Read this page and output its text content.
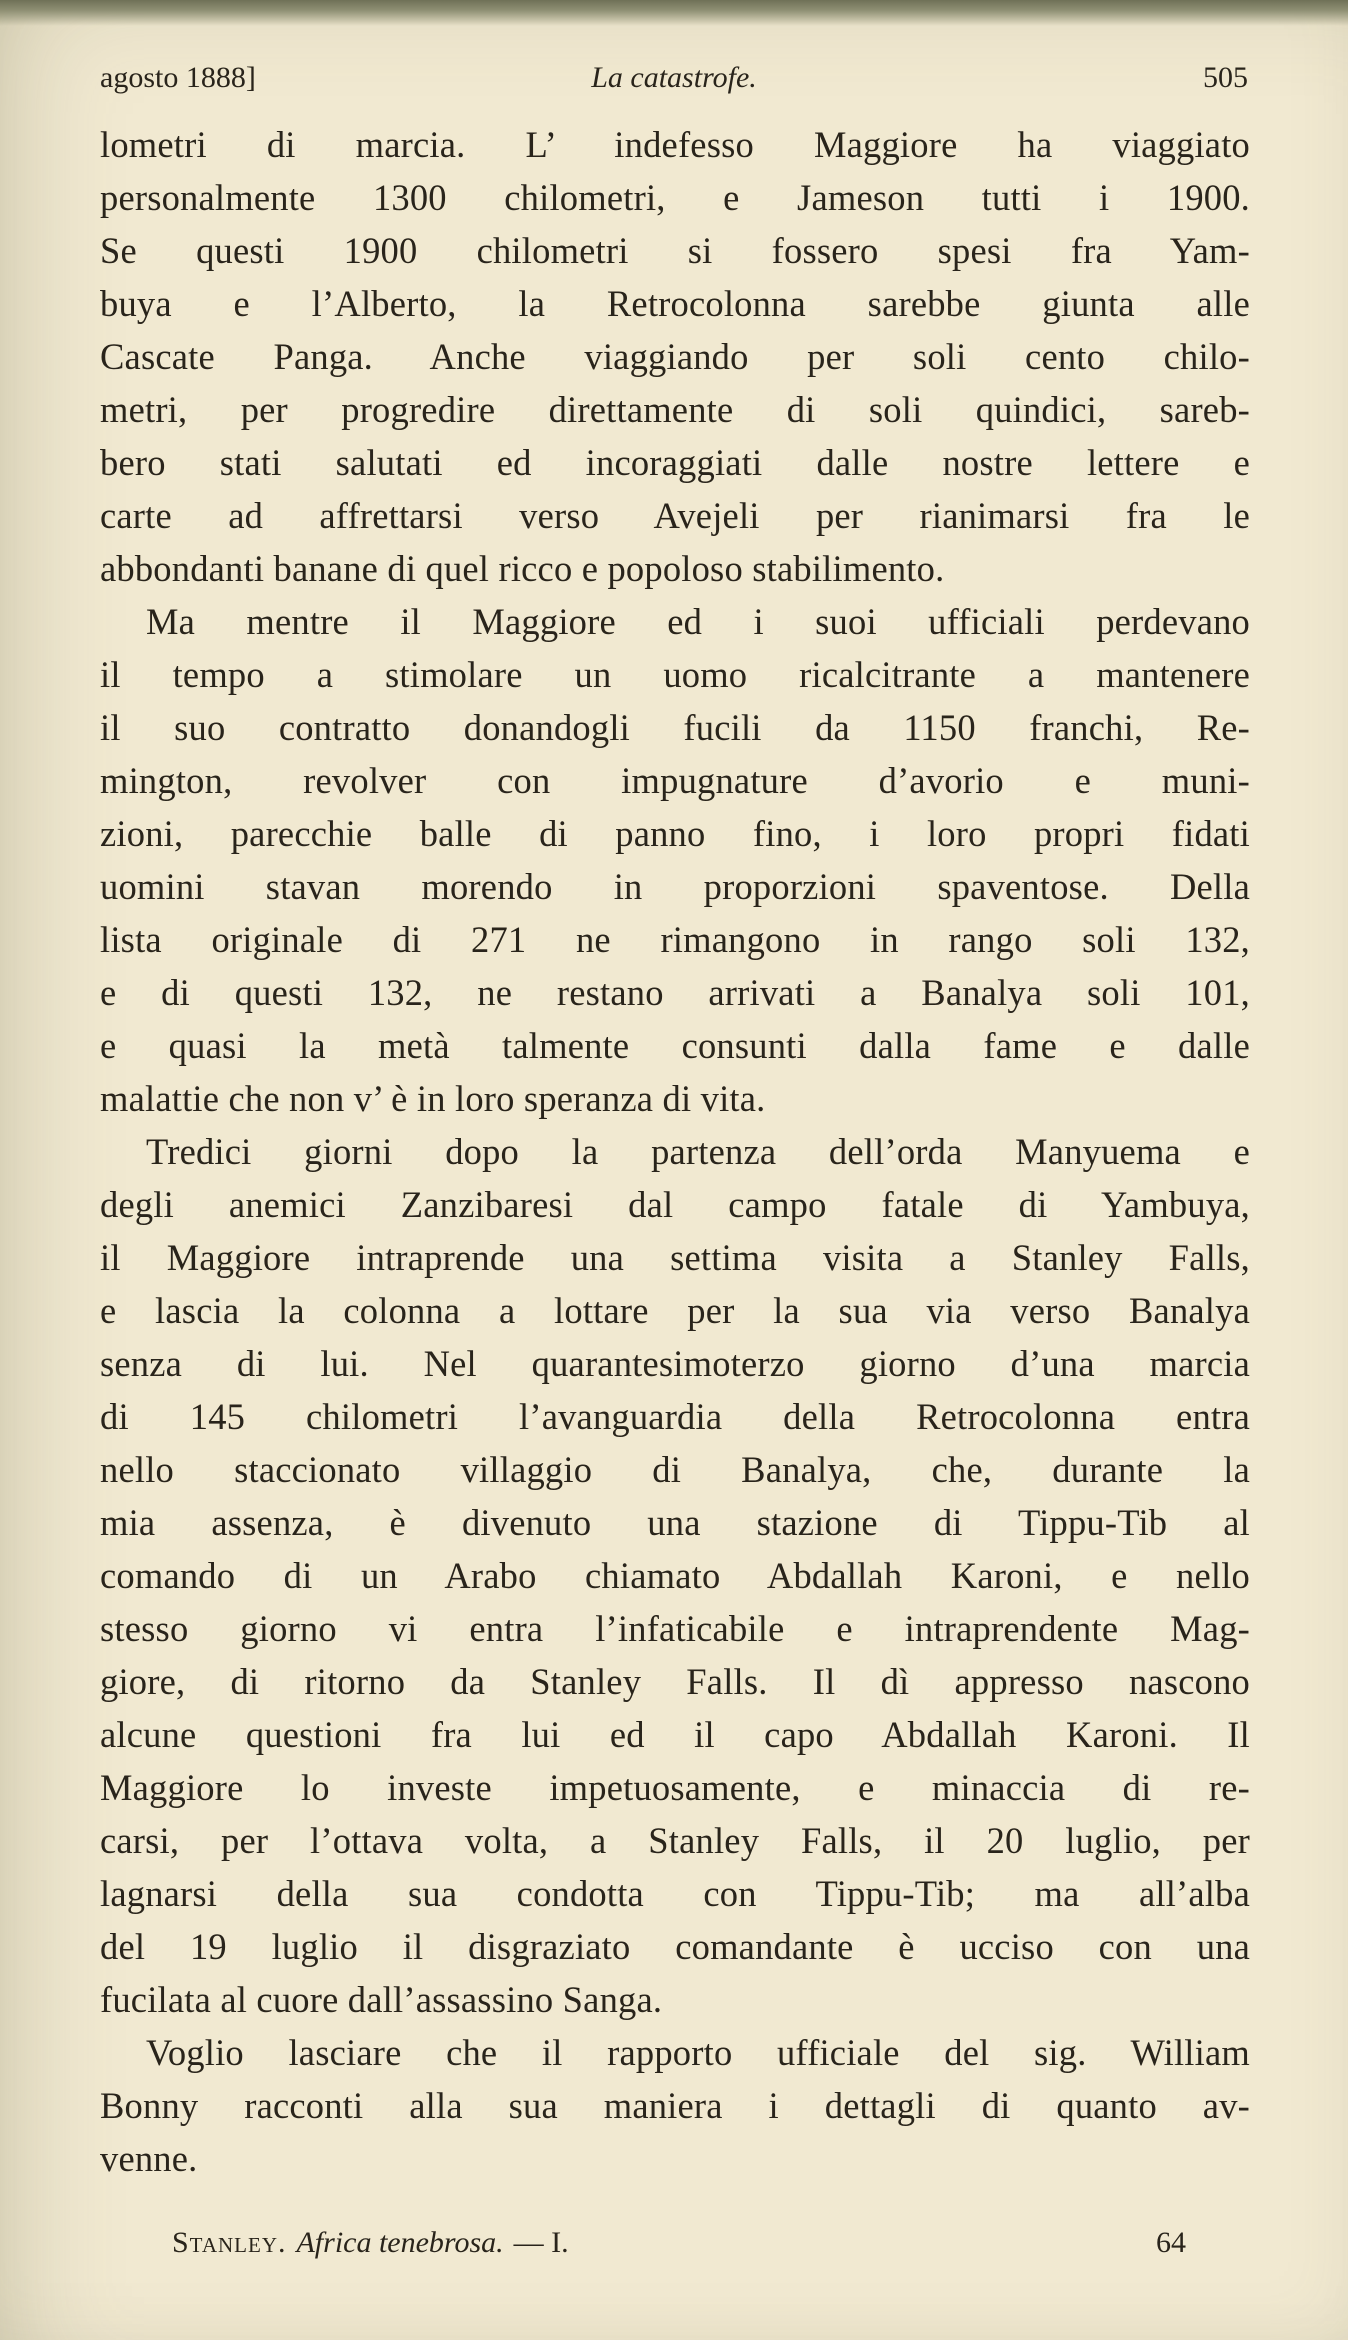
agosto 1888]	La catastrofe.	505
lometri di marcia. L’ indefesso Maggiore ha viaggiato
personalmente 1300 chilometri, e Jameson tutti i 1900.
Se questi 1900 chilometri si fossero spesi fra Yam-
buya e l’Alberto, la Retrocolonna sarebbe giunta alle
Cascate Panga. Anche viaggiando per soli cento chilo-
metri, per progredire direttamente di soli quindici, sareb-
bero stati salutati ed incoraggiati dalle nostre lettere e
carte ad affrettarsi verso Avejeli per rianimarsi fra le
abbondanti banane di quel ricco e popoloso stabilimento.
Ma mentre il Maggiore ed i suoi ufficiali perdevano
il tempo a stimolare un uomo ricalcitrante a mantenere
il suo contratto donandogli fucili da 1150 franchi, Re-
mington, revolver con impugnature d’avorio e muni-
zioni, parecchie balle di panno fino, i loro propri fidati
uomini stavan morendo in proporzioni spaventose. Della
lista originale di 271 ne rimangono in rango soli 132,
e di questi 132, ne restano arrivati a Banalya soli 101,
e quasi la metà talmente consunti dalla fame e dalle
malattie che non v’ è in loro speranza di vita.
Tredici giorni dopo la partenza dell’orda Manyuema e
degli anemici Zanzibaresi dal campo fatale di Yambuya,
il Maggiore intraprende una settima visita a Stanley Falls,
e lascia la colonna a lottare per la sua via verso Banalya
senza di lui. Nel quarantesimoterzo giorno d’una marcia
di 145 chilometri l’avanguardia della Retrocolonna entra
nello staccionato villaggio di Banalya, che, durante la
mia assenza, è divenuto una stazione di Tippu-Tib al
comando di un Arabo chiamato Abdallah Karoni, e nello
stesso giorno vi entra l’infaticabile e intraprendente Mag-
giore, di ritorno da Stanley Falls. Il dì appresso nascono
alcune questioni fra lui ed il capo Abdallah Karoni. Il
Maggiore lo investe impetuosamente, e minaccia di re-
carsi, per l’ottava volta, a Stanley Falls, il 20 luglio, per
lagnarsi della sua condotta con Tippu-Tib; ma all’alba
del 19 luglio il disgraziato comandante è ucciso con una
fucilata al cuore dall’assassino Sanga.
Voglio lasciare che il rapporto ufficiale del sig. William
Bonny racconti alla sua maniera i dettagli di quanto av-
venne.
Stanley. Africa tenebrosa. — I.	64
